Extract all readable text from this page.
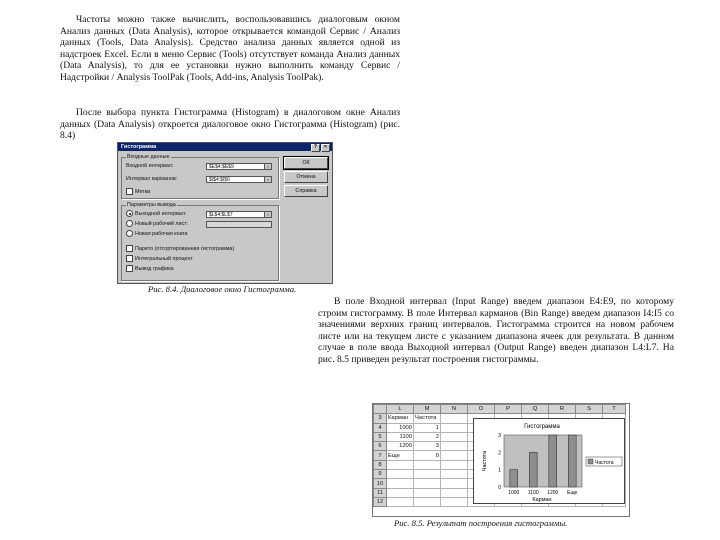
Частоты можно также вычислить, воспользовавшись диалоговым окном Анализ данных (Data Analysis), которое открывается командой Сервис / Анализ данных (Tools, Data Analysis). Средство анализа данных является одной из надстроек Excel. Если в меню Сервис (Tools) отсутствует команда Анализ данных (Data Analysis), то для ее установки нужно выполнить команду Сервис / Надстройки / Analysis ToolPak (Tools, Add-ins, Analysis ToolPak).

После выбора пункта Гистограмма (Histogram) в диалоговом окне Анализ данных (Data Analysis) откроется диалоговое окно Гистограмма (Histogram) (рис. 8.4)

Гистограмма	?	×
Входные данные
Входной интервал:	$E$4:$E$9	▪
Интервал карманов:	$I$4:$I$6	▪
Метки
Параметры вывода
Выходной интервал:	$L$4:$L$7	▪
Новый рабочий лист:
Новая рабочая книга
Парето (отсортированная гистограмма)
Интегральный процент
Вывод графика
ОК
Отмена
Справка

Рис. 8.4. Диалоговое окно Гистограмма.

В поле Входной интервал (Input Range) введем диапазон E4:E9, по которому строим гистограмму. В поле Интервал карманов (Bin Range) введем диапазон I4:I5 со значениями верхних границ интервалов. Гистограмма строится на новом рабочем листе или на текущем листе с указанием диапазона ячеек для результата. В данном случае в поле ввода Выходной интервал (Output Range) введен диапазон L4:L7. На рис. 8.5 приведен результат построения гистограммы.

	L	M	N	O	P	Q	R	S	T
3	Карман	Частота							
4	1000	1							
5	1100	2							
6	1200	3							
7	Еще	0							
8									
9									
10									
11									
12									
Гистограмма
0
1
2
3
1000 1100 1200 Еще
Карман
Частота	Частота

Рис. 8.5. Результат построения гистограммы.
